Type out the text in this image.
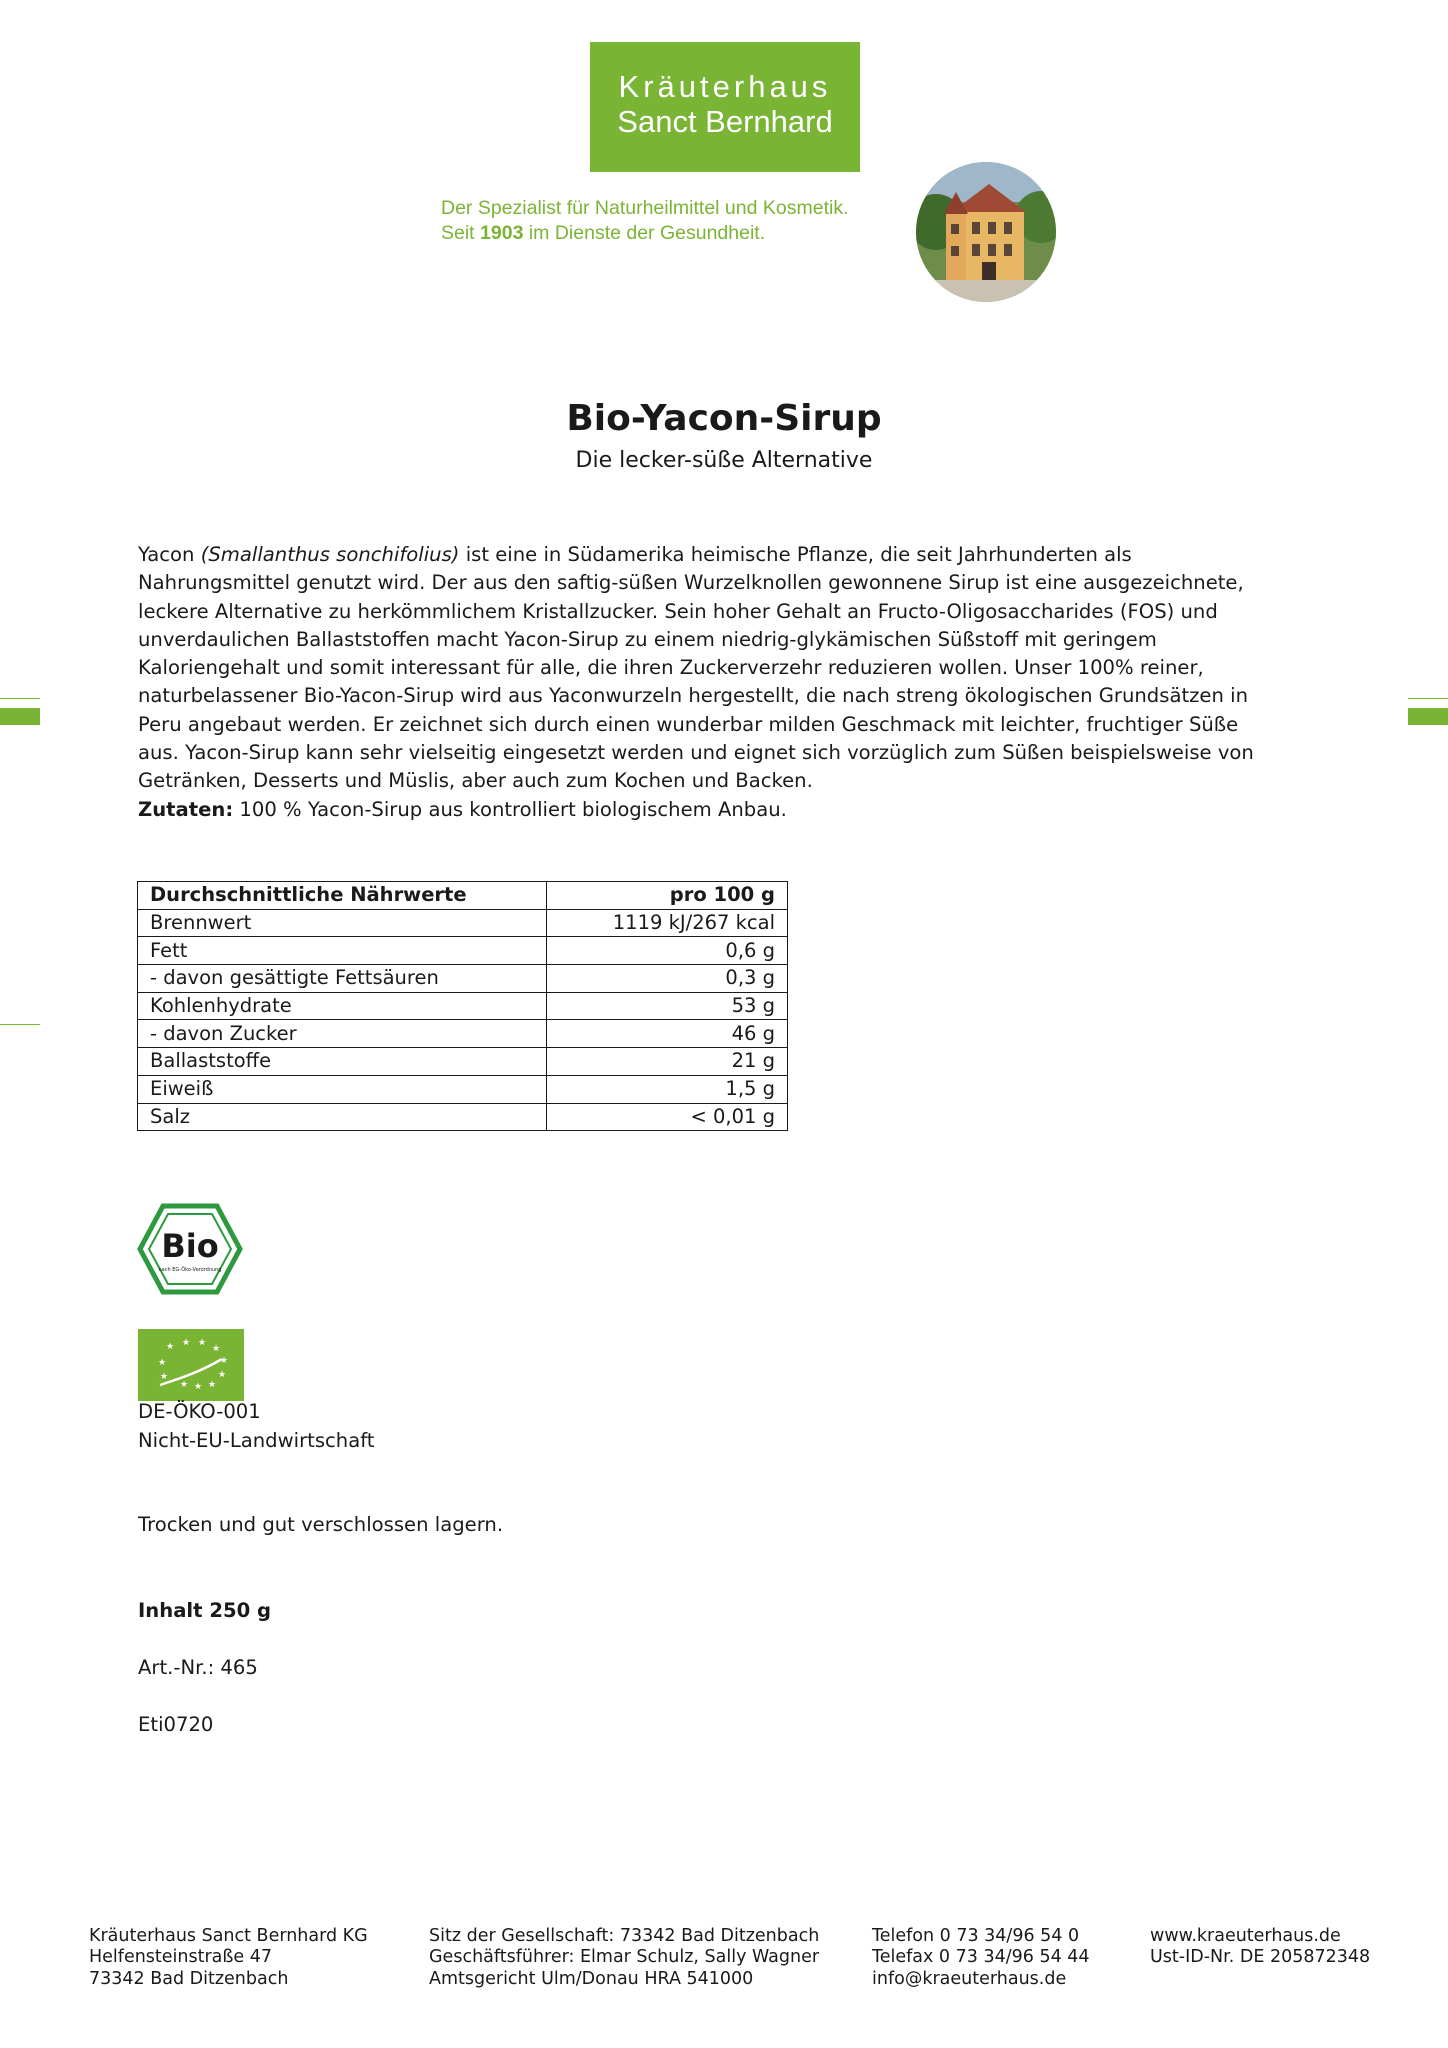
Kräuterhaus
Sanct Bernhard
Der Spezialist für Naturheilmittel und Kosmetik.
Seit 1903 im Dienste der Gesundheit.
Bio-Yacon-Sirup
Die lecker-süße Alternative
Yacon (Smallanthus sonchifolius) ist eine in Südamerika heimische Pflanze, die seit Jahrhunderten als Nahrungsmittel genutzt wird. Der aus den saftig-süßen Wurzelknollen gewonnene Sirup ist eine ausgezeichnete, leckere Alternative zu herkömmlichem Kristallzucker. Sein hoher Gehalt an Fructo-Oligosaccharides (FOS) und unverdaulichen Ballaststoffen macht Yacon-Sirup zu einem niedrig-glykämischen Süßstoff mit geringem Kaloriengehalt und somit interessant für alle, die ihren Zuckerverzehr reduzieren wollen. Unser 100% reiner, naturbelassener Bio-Yacon-Sirup wird aus Yaconwurzeln hergestellt, die nach streng ökologischen Grundsätzen in Peru angebaut werden. Er zeichnet sich durch einen wunderbar milden Geschmack mit leichter, fruchtiger Süße aus. Yacon-Sirup kann sehr vielseitig eingesetzt werden und eignet sich vorzüglich zum Süßen beispielsweise von Getränken, Desserts und Müslis, aber auch zum Kochen und Backen.
Zutaten: 100 % Yacon-Sirup aus kontrolliert biologischem Anbau.
Durchschnittliche Nährwerte	pro 100 g
Brennwert	1119 kJ/267 kcal
Fett	0,6 g
- davon gesättigte Fettsäuren	0,3 g
Kohlenhydrate	53 g
- davon Zucker	46 g
Ballaststoffe	21 g
Eiweiß	1,5 g
Salz	< 0,01 g
Bio
nach EG-Öko-Verordnung
★ ★ ★
★
★
★
★
★
★
★
★
DE-ÖKO-001
Nicht-EU-Landwirtschaft
Trocken und gut verschlossen lagern.
Inhalt 250 g
Art.-Nr.: 465
Eti0720
Kräuterhaus Sanct Bernhard KG
Helfensteinstraße 47
73342 Bad Ditzenbach
Sitz der Gesellschaft: 73342 Bad Ditzenbach
Geschäftsführer: Elmar Schulz, Sally Wagner
Amtsgericht Ulm/Donau HRA 541000
Telefon 0 73 34/96 54 0
Telefax 0 73 34/96 54 44
info@kraeuterhaus.de
www.kraeuterhaus.de
Ust-ID-Nr. DE 205872348
